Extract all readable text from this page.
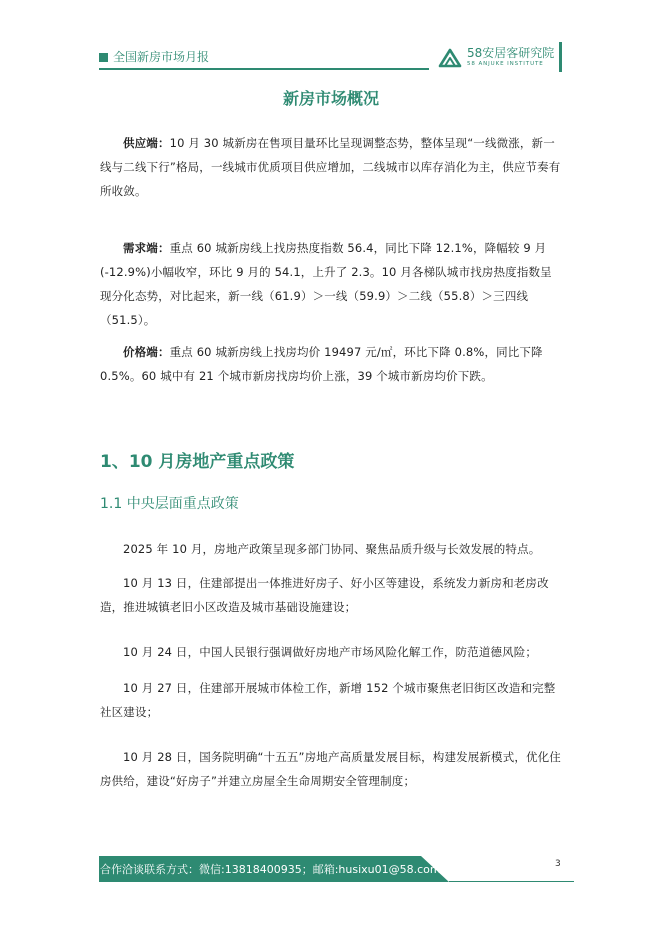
全国新房市场月报	58安居客研究院
58 ANJUKE INSTITUTE
新房市场概况
供应端：10 月 30 城新房在售项目量环比呈现调整态势，整体呈现“一线微涨，新一线与二线下行”格局，一线城市优质项目供应增加，二线城市以库存消化为主，供应节奏有所收敛。
需求端：重点 60 城新房线上找房热度指数 56.4，同比下降 12.1%，降幅较 9 月(-12.9%)小幅收窄，环比 9 月的 54.1，上升了 2.3。10 月各梯队城市找房热度指数呈现分化态势，对比起来，新一线（61.9）＞一线（59.9）＞二线（55.8）＞三四线（51.5）。
价格端：重点 60 城新房线上找房均价 19497 元/㎡，环比下降 0.8%，同比下降 0.5%。60 城中有 21 个城市新房找房均价上涨，39 个城市新房均价下跌。
1、10 月房地产重点政策
1.1 中央层面重点政策
2025 年 10 月，房地产政策呈现多部门协同、聚焦品质升级与长效发展的特点。
10 月 13 日，住建部提出一体推进好房子、好小区等建设，系统发力新房和老房改造，推进城镇老旧小区改造及城市基础设施建设；
10 月 24 日，中国人民银行强调做好房地产市场风险化解工作，防范道德风险；
10 月 27 日，住建部开展城市体检工作，新增 152 个城市聚焦老旧街区改造和完整社区建设；
10 月 28 日，国务院明确“十五五”房地产高质量发展目标，构建发展新模式，优化住房供给，建设“好房子”并建立房屋全生命周期安全管理制度；
合作洽谈联系方式：微信:13818400935；邮箱:husixu01@58.com；	3
